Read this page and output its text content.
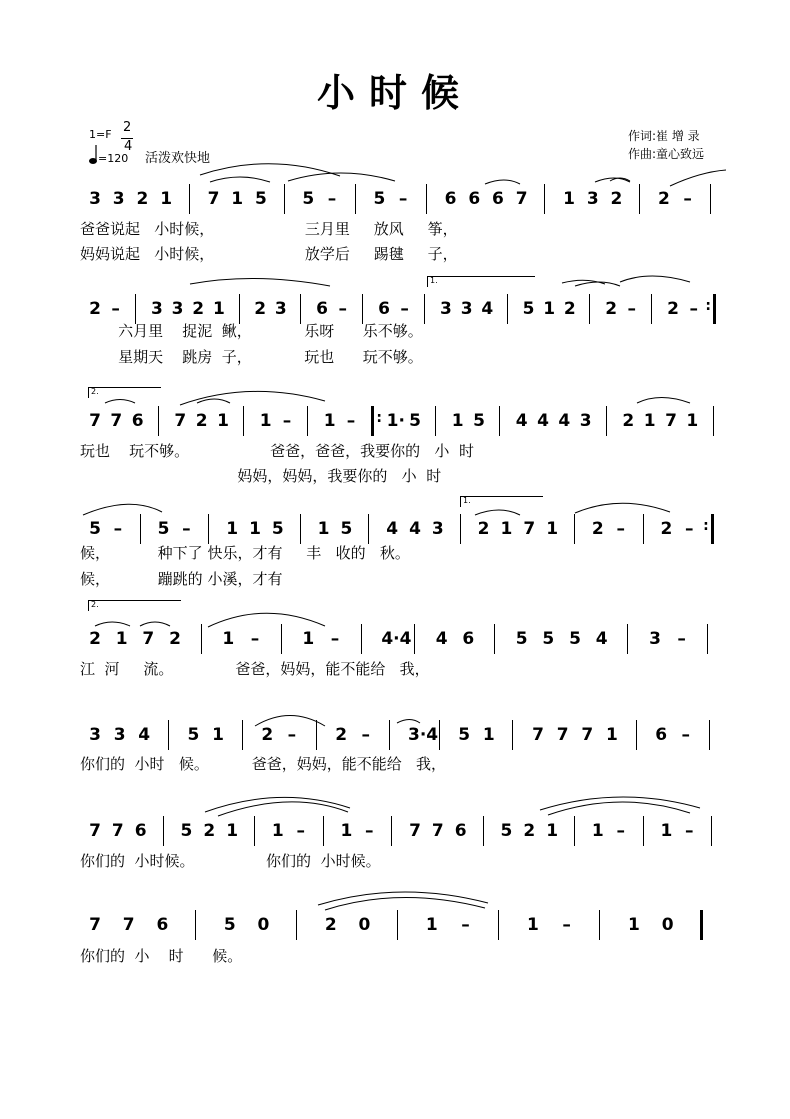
小时候
1=F 2
4
=120 活泼欢快地
作词:崔 增 录
作曲:童心致远
3 3 2 1 7 1 5 5 – 5 – 6 6 6 7 1 3 2 2 –
爸爸说起   小时候，                   三月里     放风     筝，
妈妈说起   小时候，                   放学后     踢毽     子，
2 – 3 3 2 1 2 3 6 – 6 – 3 3 4 5 1 2 2 – 2 – :
六月里    捉泥  鳅，           乐呀      乐不够。
星期天    跳房  子，           玩也      玩不够。
7 7 6 7 2 1 1 – 1 – : 1· 5 1 5 4 4 4 3 2 1 7 1
玩也    玩不够。                 爸爸，爸爸，我要你的   小  时
妈妈，妈妈，我要你的   小  时
5 – 5 – 1 1 5 1 5 4 4 3 2 1 7 1 2 – 2 – :
候，          种下了 快乐，才有     丰   收的   秋。
候，          蹦跳的 小溪，才有
2 1 7 2 1 –	1 – 4·4 4 6 5 5 5 4 3 –
江  河     流。             爸爸，妈妈，能不能给   我，
3 3 4 5 1 2 – 2 – 3·4 5 1 7 7 7 1 6 –
你们的  小时   候。         爸爸，妈妈，能不能给   我，
7 7 6 5 2 1 1 – 1 – 7 7 6 5 2 1 1 – 1 –
你们的  小时候。               你们的  小时候。
7 7 6	5 0	2 0	1 –	1 –	1 0
你们的  小    时      候。
1.
2.
1.
2.
